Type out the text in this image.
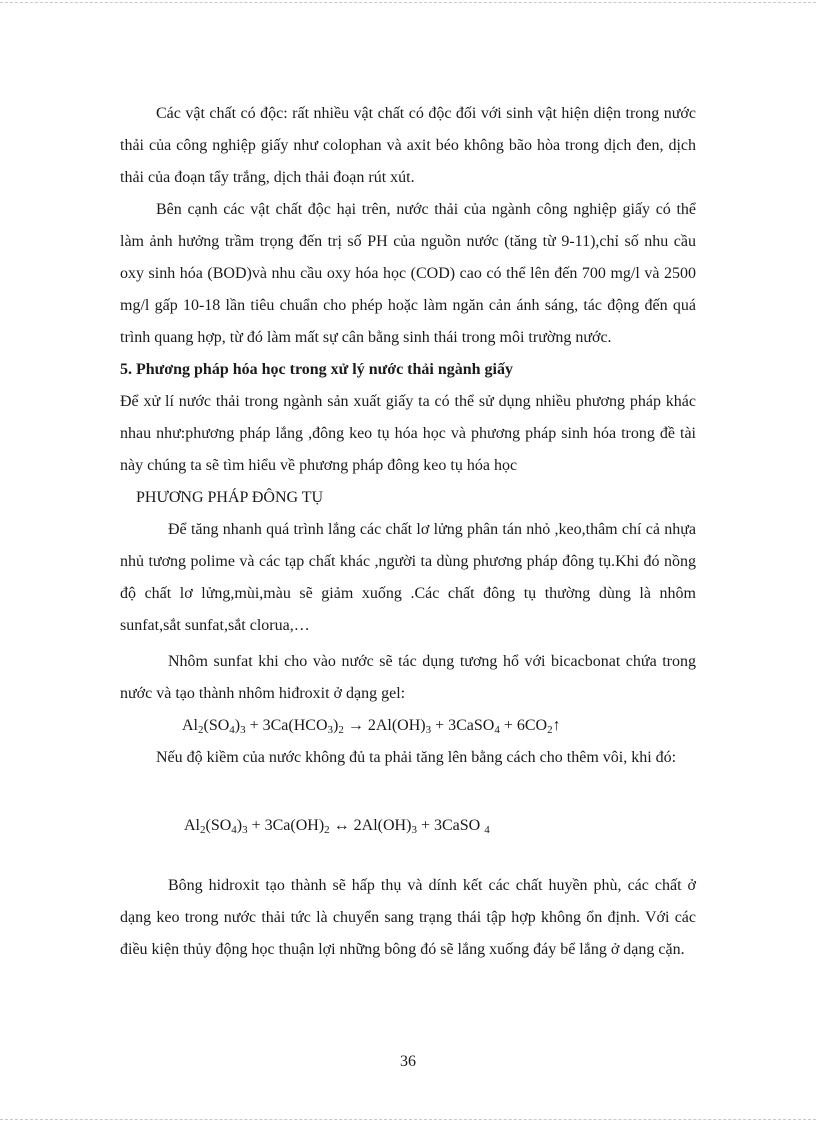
Các vật chất có độc: rất nhiều vật chất có độc đối với sinh vật hiện diện trong nước thải của công nghiệp giấy như colophan và axit béo không bão hòa trong dịch đen, dịch thải của đoạn tẩy trắng, dịch thải đoạn rút xút.

Bên cạnh các vật chất độc hại trên, nước thải của ngành công nghiệp giấy có thể làm ảnh hưởng trầm trọng đến trị số PH của nguồn nước (tăng từ 9-11),chỉ số nhu cầu oxy sinh hóa (BOD)và nhu cầu oxy hóa học (COD) cao có thể lên đến 700 mg/l và 2500 mg/l gấp 10-18 lần tiêu chuẩn cho phép hoặc làm ngăn cản ánh sáng, tác động đến quá trình quang hợp, từ đó làm mất sự cân bằng sinh thái trong môi trường nước.

5. Phương pháp hóa học trong xử lý nước thải ngành giấy

Để xử lí nước thải trong ngành sản xuất giấy ta có thể sử dụng nhiều phương pháp khác nhau như:phương pháp lắng ,đông keo tụ hóa học và phương pháp sinh hóa trong đề tài này chúng ta sẽ tìm hiểu về phương pháp đông keo tụ hóa học

PHƯƠNG PHÁP ĐÔNG TỤ

Để tăng nhanh quá trình lắng các chất lơ lửng phân tán nhỏ ,keo,thâm chí cả nhựa nhủ tương polime và các tạp chất khác ,người ta dùng phương pháp đông tụ.Khi đó nồng độ chất lơ lửng,mùi,màu sẽ giảm xuống .Các chất đông tụ thường dùng là nhôm sunfat,sắt sunfat,sắt clorua,…

Nhôm sunfat khi cho vào nước sẽ tác dụng tương hổ với bicacbonat chứa trong nước và tạo thành nhôm hiđroxit ở dạng gel:

$Al_2(SO_4)_3 + 3Ca(HCO_3)_2 \to 2Al(OH)_3$ + 3CaSO$_4$ + $6CO_2↑$

Nếu độ kiềm của nước không đủ ta phải tăng lên bằng cách cho thêm vôi, khi đó:

$Al_2(SO_4)_3 + 3Ca(OH)_2$ ↔ $2Al(OH)_3$ + 3CaSO $_4$

Bông hidroxit tạo thành sẽ hấp thụ và dính kết các chất huyền phù, các chất ở dạng keo trong nước thải tức là chuyển sang trạng thái tập hợp không ổn định. Với các điều kiện thủy động học thuận lợi những bông đó sẽ lắng xuống đáy bể lắng ở dạng cặn.

36
